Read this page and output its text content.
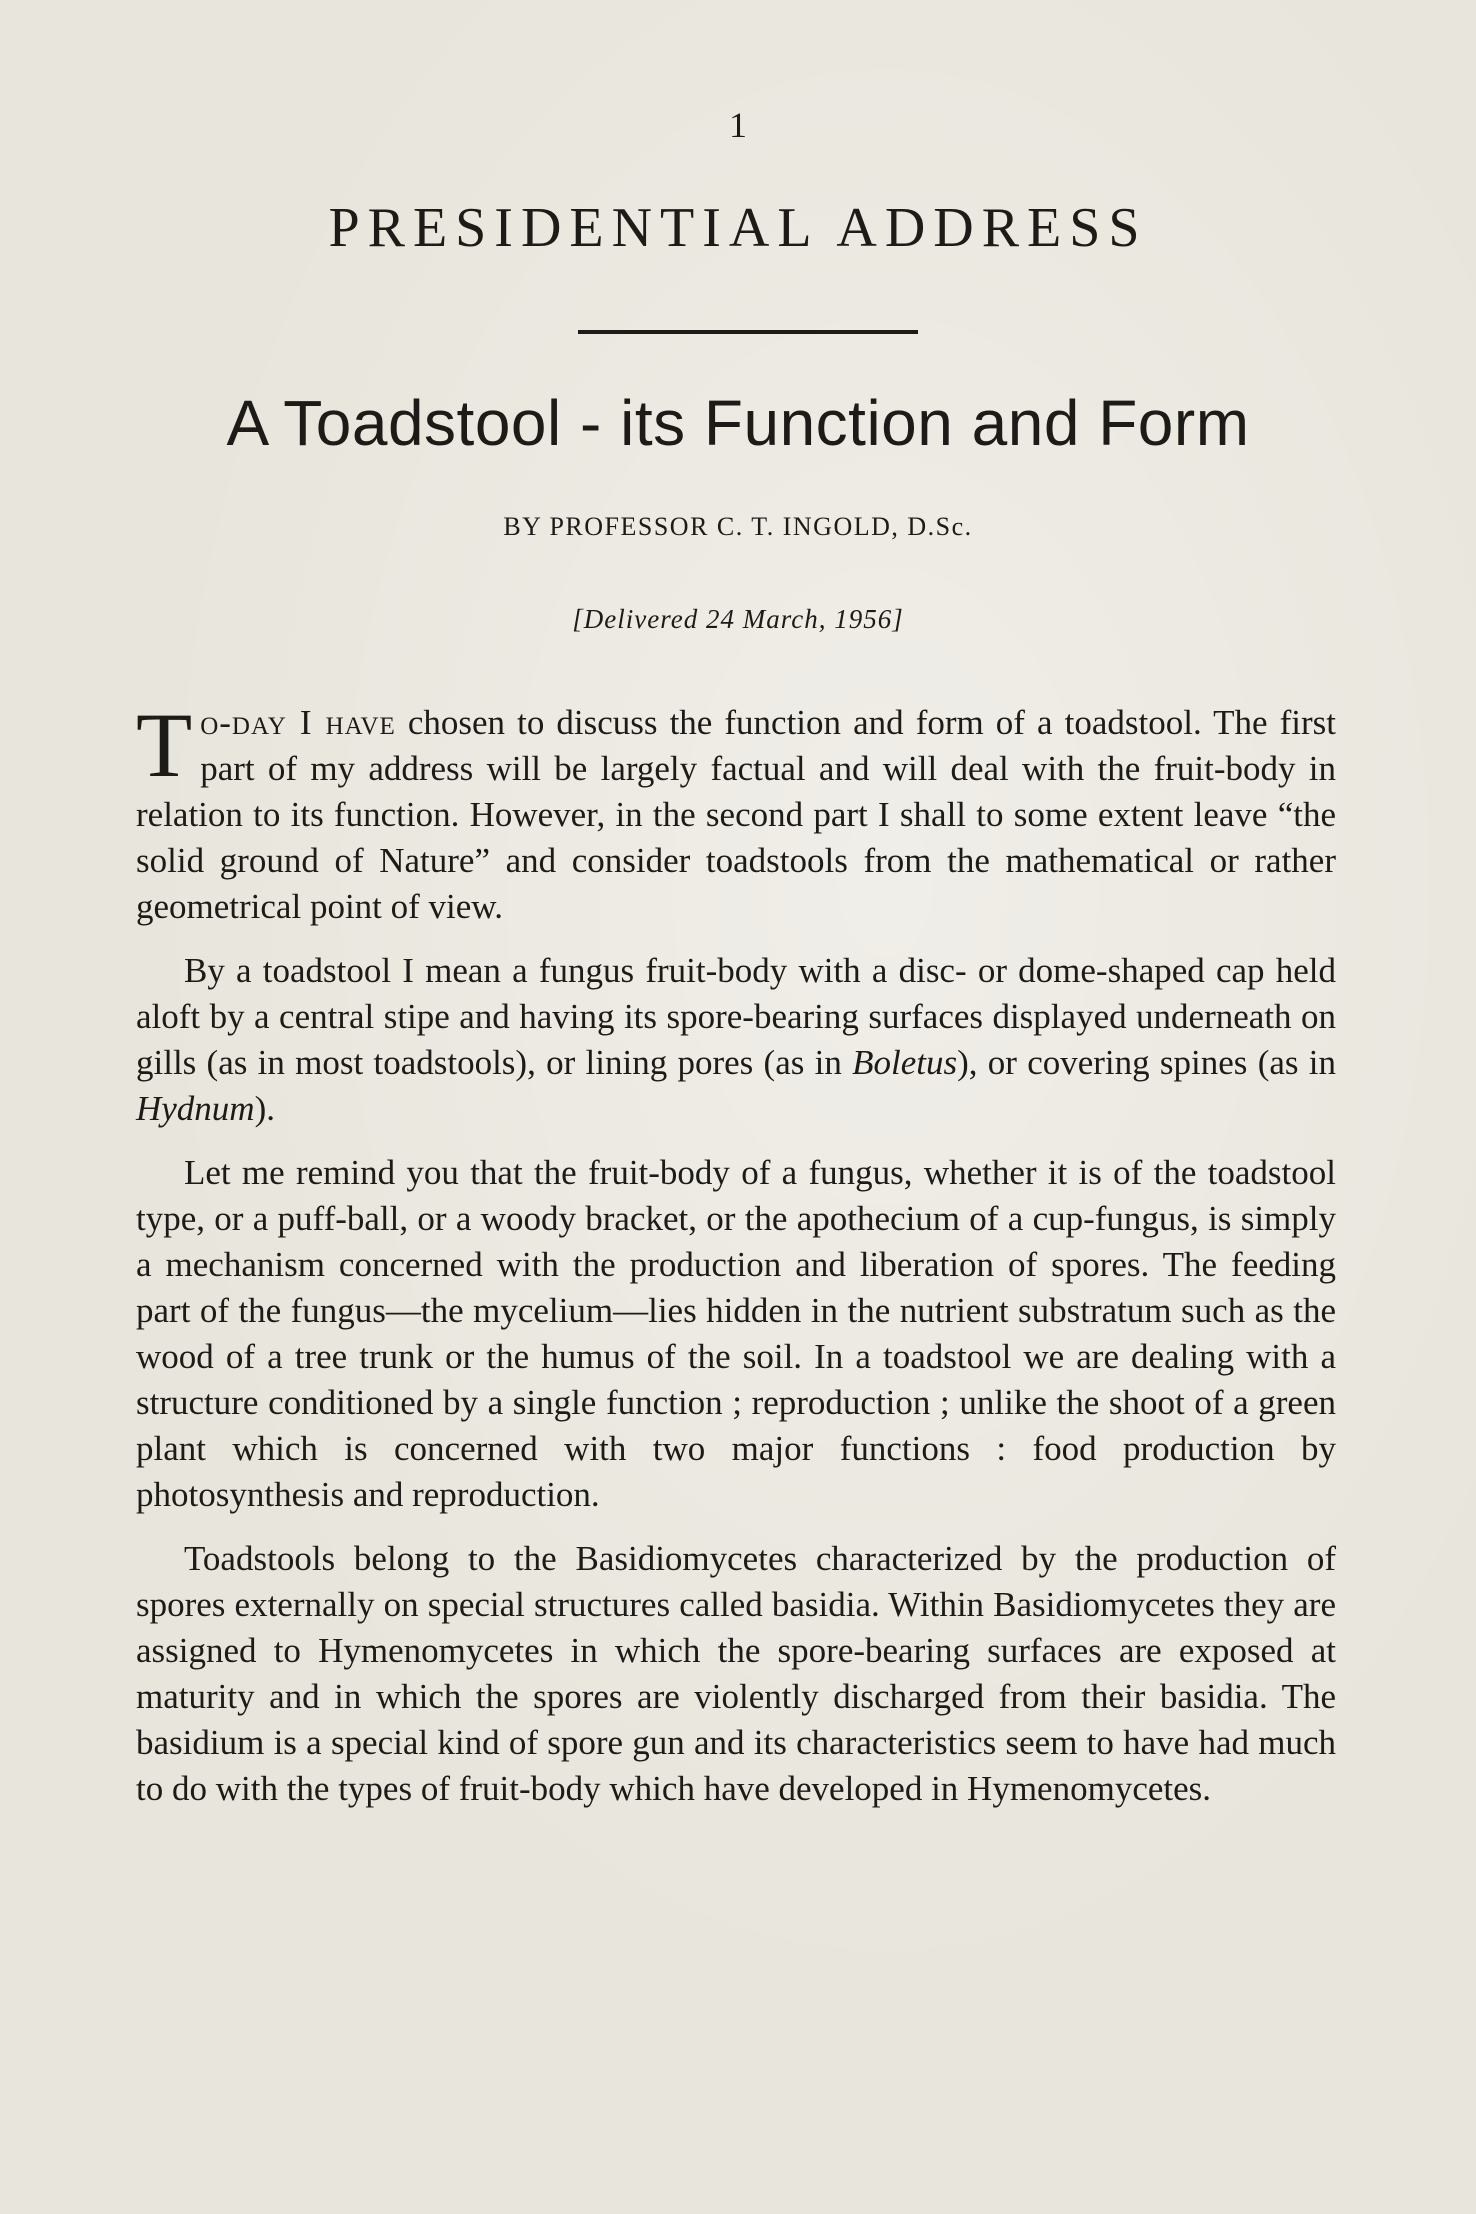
1
PRESIDENTIAL ADDRESS
A Toadstool - its Function and Form
BY PROFESSOR C. T. INGOLD, D.Sc.
[Delivered 24 March, 1956]

To-day I have chosen to discuss the function and form of a toadstool. The first part of my address will be largely factual and will deal with the fruit-body in relation to its function. However, in the second part I shall to some extent leave “the solid ground of Nature” and consider toadstools from the mathematical or rather geometrical point of view.

By a toadstool I mean a fungus fruit-body with a disc- or dome-shaped cap held aloft by a central stipe and having its spore-bearing surfaces displayed underneath on gills (as in most toadstools), or lining pores (as in Boletus), or covering spines (as in Hydnum).

Let me remind you that the fruit-body of a fungus, whether it is of the toadstool type, or a puff-ball, or a woody bracket, or the apothecium of a cup-fungus, is simply a mechanism concerned with the production and liberation of spores. The feeding part of the fungus—the mycelium—lies hidden in the nutrient substratum such as the wood of a tree trunk or the humus of the soil. In a toadstool we are dealing with a structure conditioned by a single function ; reproduction ; unlike the shoot of a green plant which is concerned with two major functions : food production by photosynthesis and reproduction.

Toadstools belong to the Basidiomycetes characterized by the production of spores externally on special structures called basidia. Within Basidiomycetes they are assigned to Hymenomycetes in which the spore-bearing surfaces are exposed at maturity and in which the spores are violently discharged from their basidia. The basidium is a special kind of spore gun and its characteristics seem to have had much to do with the types of fruit-body which have developed in Hymenomycetes.
